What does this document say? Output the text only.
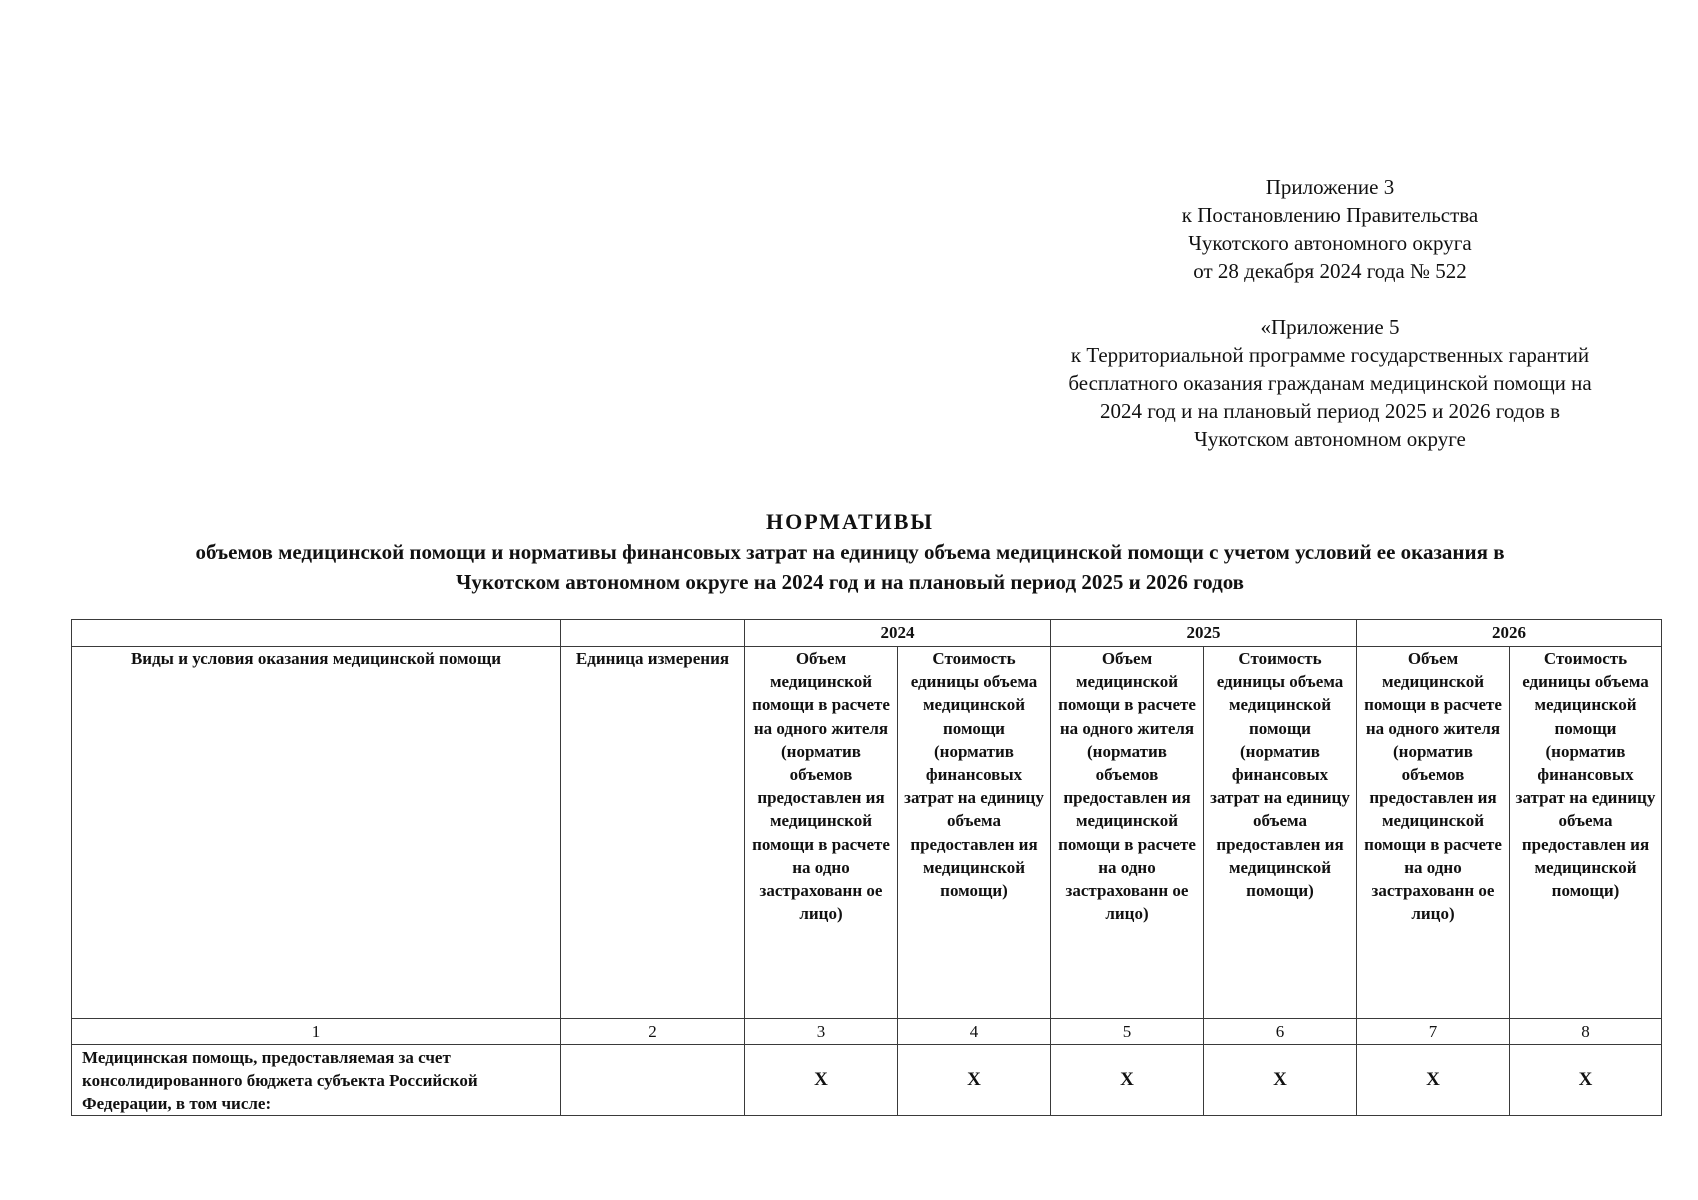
Приложение 3
к Постановлению Правительства
Чукотского автономного округа
от 28 декабря 2024 года № 522
«Приложение 5
к Территориальной программе государственных гарантий
бесплатного оказания гражданам медицинской помощи на
2024 год и на плановый период 2025 и 2026 годов в
Чукотском автономном округе
НОРМАТИВЫ
объемов медицинской помощи и нормативы финансовых затрат на единицу объема медицинской помощи с учетом условий ее оказания в
Чукотском автономном округе на 2024 год и на плановый период 2025 и 2026 годов
		2024		2025		2026	
Виды и условия оказания медицинской помощи	Единица измерения	Объем медицинской помощи в расчете на одного жителя (норматив объемов предоставлен ия медицинской помощи в расчете на одно застрахованн ое лицо)	Стоимость единицы объема медицинской помощи (норматив финансовых затрат на единицу объема предоставлен ия медицинской помощи)	Объем медицинской помощи в расчете на одного жителя (норматив объемов предоставлен ия медицинской помощи в расчете на одно застрахованн ое лицо)	Стоимость единицы объема медицинской помощи (норматив финансовых затрат на единицу объема предоставлен ия медицинской помощи)	Объем медицинской помощи в расчете на одного жителя (норматив объемов предоставлен ия медицинской помощи в расчете на одно застрахованн ое лицо)	Стоимость единицы объема медицинской помощи (норматив финансовых затрат на единицу объема предоставлен ия медицинской помощи)
1	2	3	4	5	6	7	8
Медицинская помощь, предоставляемая за счет консолидированного бюджета субъекта Российской Федерации, в том числе:		Х	Х	Х	Х	Х	Х
